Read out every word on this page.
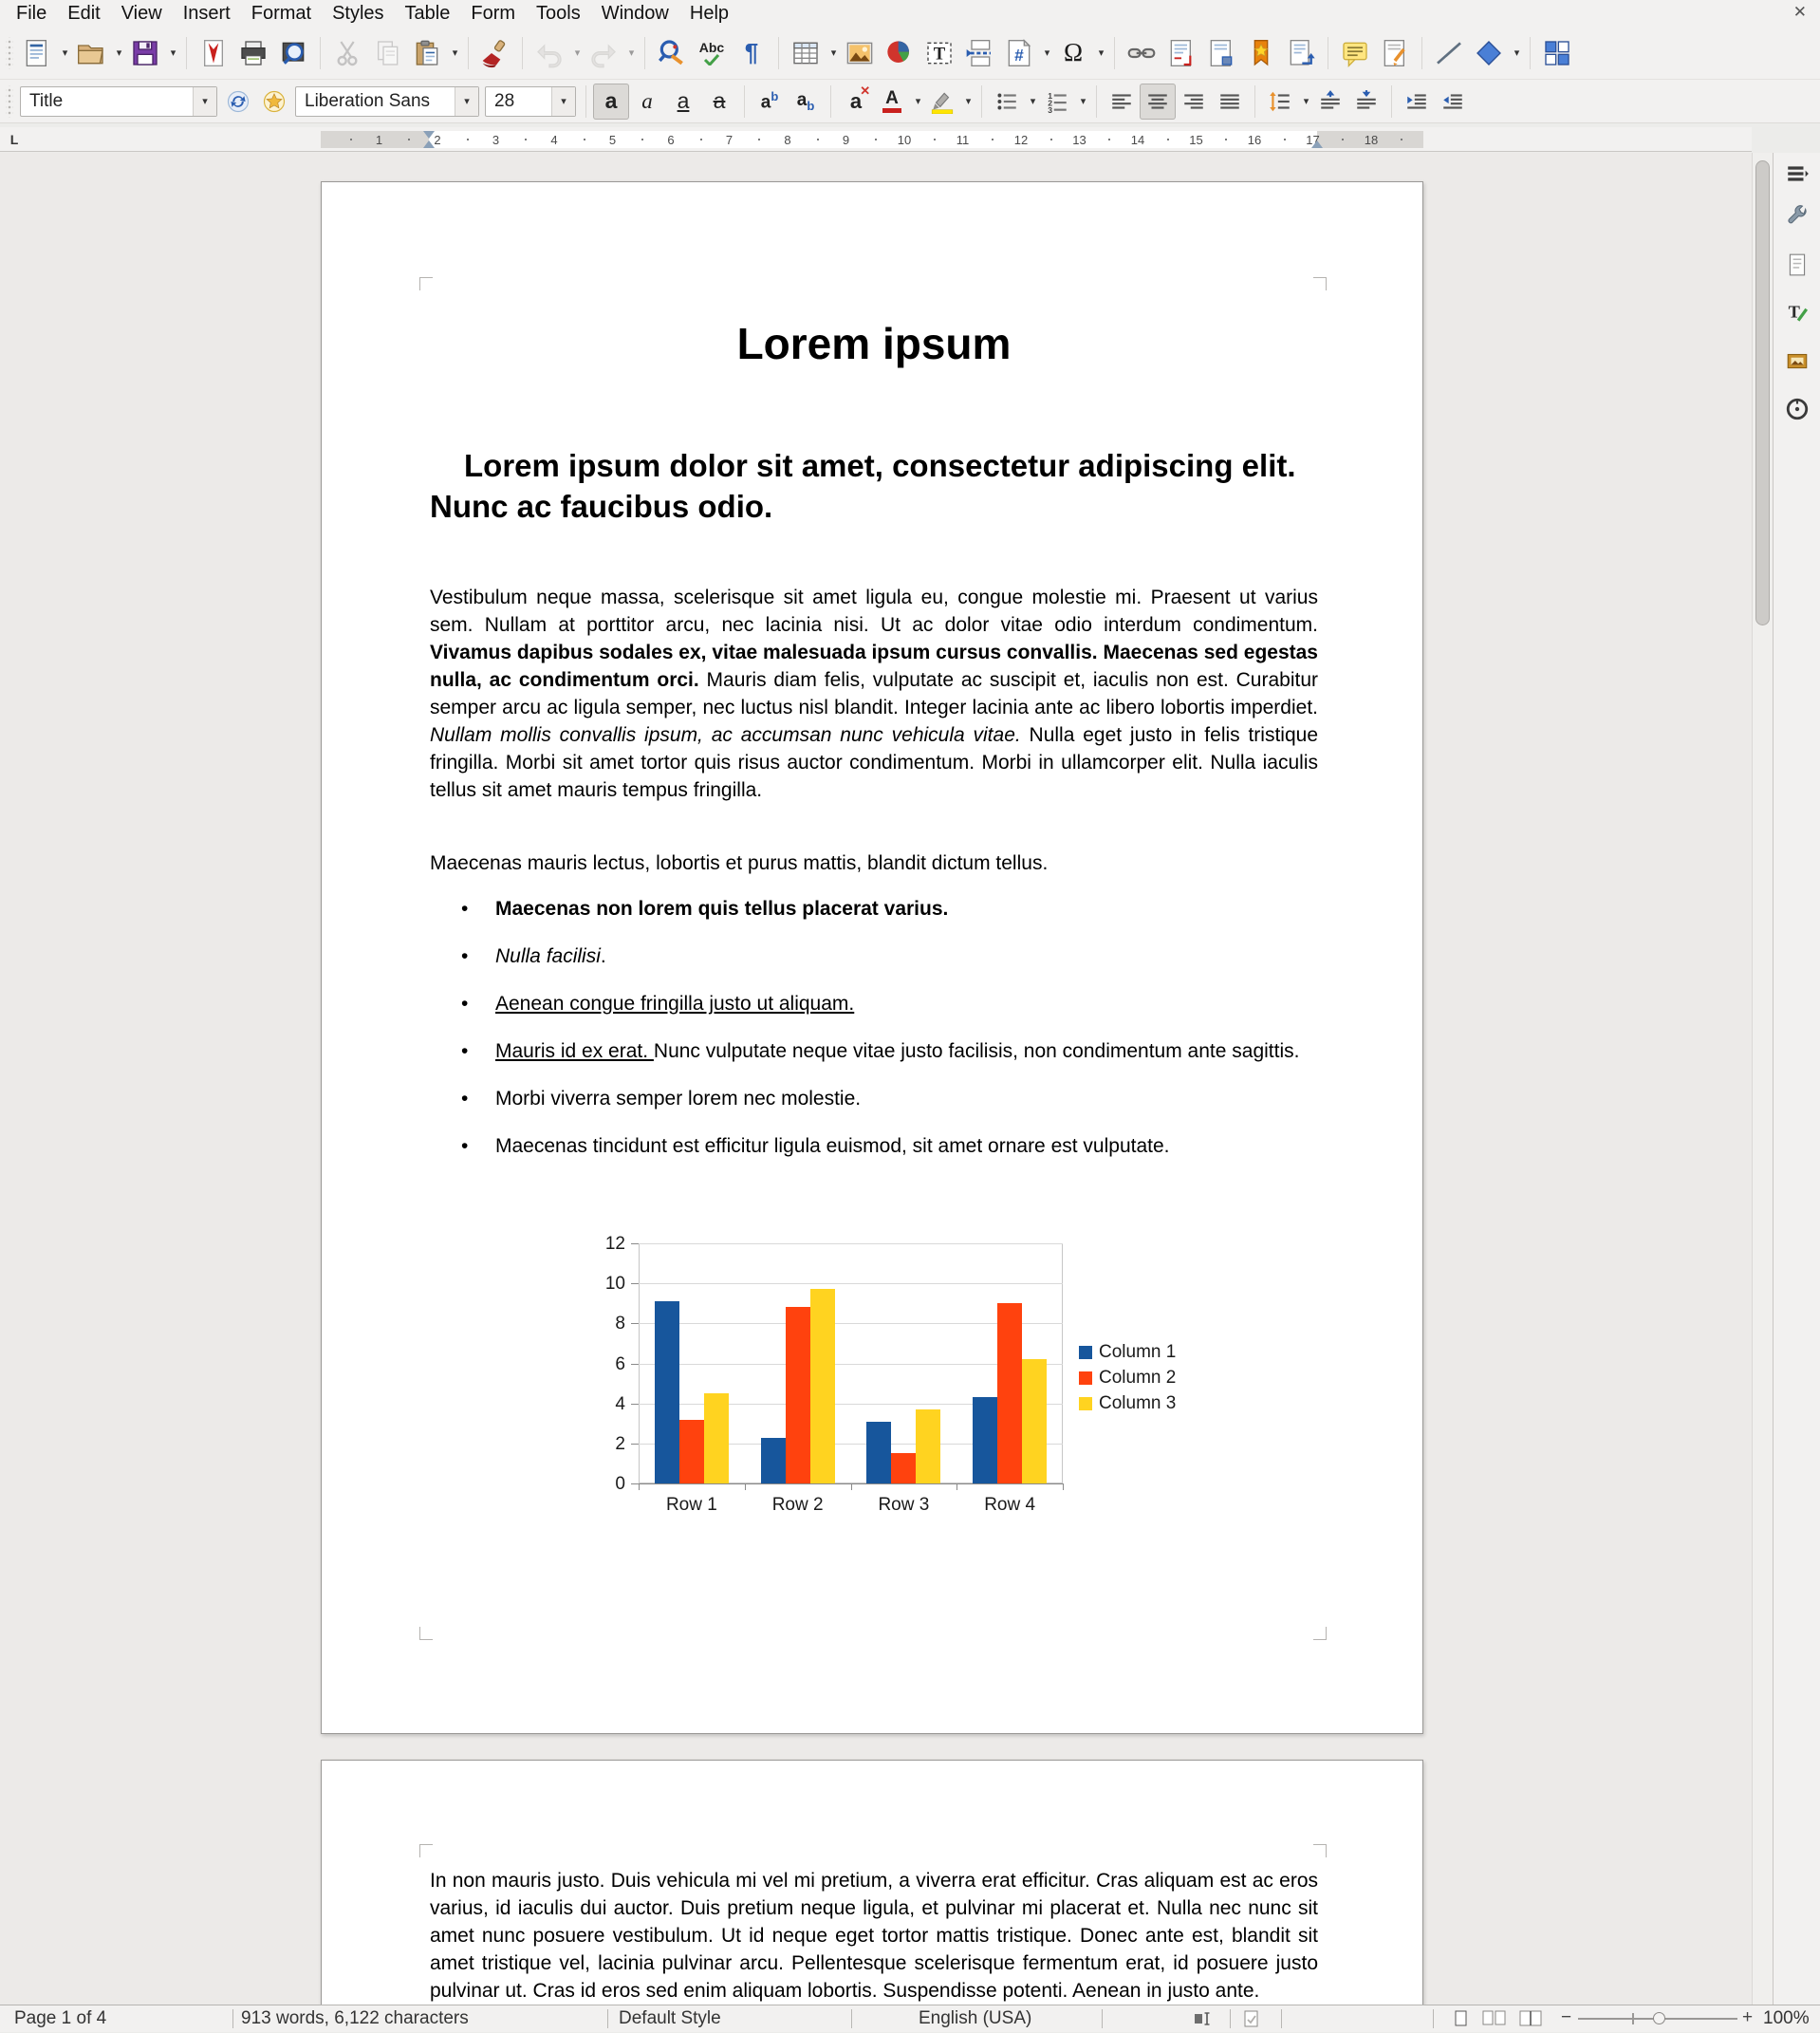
File	Edit	View	Insert	Format	Styles	Table	Form	Tools	Window	Help	✕
▾	▾	▾	▾	▾	▾	Abc ¶	▾	T	#	▾ Ω	▾	▾
Title	▾	Liberation Sans	▾	28	▾	a a a a $a^b$ $a_b$ a
✕ A	▾	▾	▾
1
2
3
▾	▾
L	1	2	3	4	5	6	7	8	9	10	11	12	13	14	15	16	17	18
Lorem ipsum
Lorem ipsum dolor sit amet, consectetur adipiscing elit. Nunc ac faucibus odio.
Vestibulum neque massa, scelerisque sit amet ligula eu, congue molestie mi. Praesent ut varius sem. Nullam at porttitor arcu, nec lacinia nisi. Ut ac dolor vitae odio interdum condimentum. Vivamus dapibus sodales ex, vitae malesuada ipsum cursus convallis. Maecenas sed egestas nulla, ac condimentum orci. Mauris diam felis, vulputate ac suscipit et, iaculis non est. Curabitur semper arcu ac ligula semper, nec luctus nisl blandit. Integer lacinia ante ac libero lobortis imperdiet. Nullam mollis convallis ipsum, ac accumsan nunc vehicula vitae. Nulla eget justo in felis tristique fringilla. Morbi sit amet tortor quis risus auctor condimentum. Morbi in ullamcorper elit. Nulla iaculis tellus sit amet mauris tempus fringilla.
Maecenas mauris lectus, lobortis et purus mattis, blandit dictum tellus.
• Maecenas non lorem quis tellus placerat varius.
• Nulla facilisi.
• Aenean congue fringilla justo ut aliquam.
• Mauris id ex erat. Nunc vulputate neque vitae justo facilisis, non condimentum ante sagittis.
• Morbi viverra semper lorem nec molestie.
• Maecenas tincidunt est efficitur ligula euismod, sit amet ornare est vulputate.
0
2
4
6
8
10
12
Row 1	Row 2	Row 3	Row 4
Column 1
Column 2
Column 3
In non mauris justo. Duis vehicula mi vel mi pretium, a viverra erat efficitur. Cras aliquam est ac eros varius, id iaculis dui auctor. Duis pretium neque ligula, et pulvinar mi placerat et. Nulla nec nunc sit amet nunc posuere vestibulum. Ut id neque eget tortor mattis tristique. Donec ante est, blandit sit amet tristique vel, lacinia pulvinar arcu. Pellentesque scelerisque fermentum erat, id posuere justo pulvinar ut. Cras id eros sed enim aliquam lobortis. Suspendisse potenti. Aenean in justo ante.
T
Page 1 of 4	913 words, 6,122 characters	Default Style	English (USA)	−	+ 100%
